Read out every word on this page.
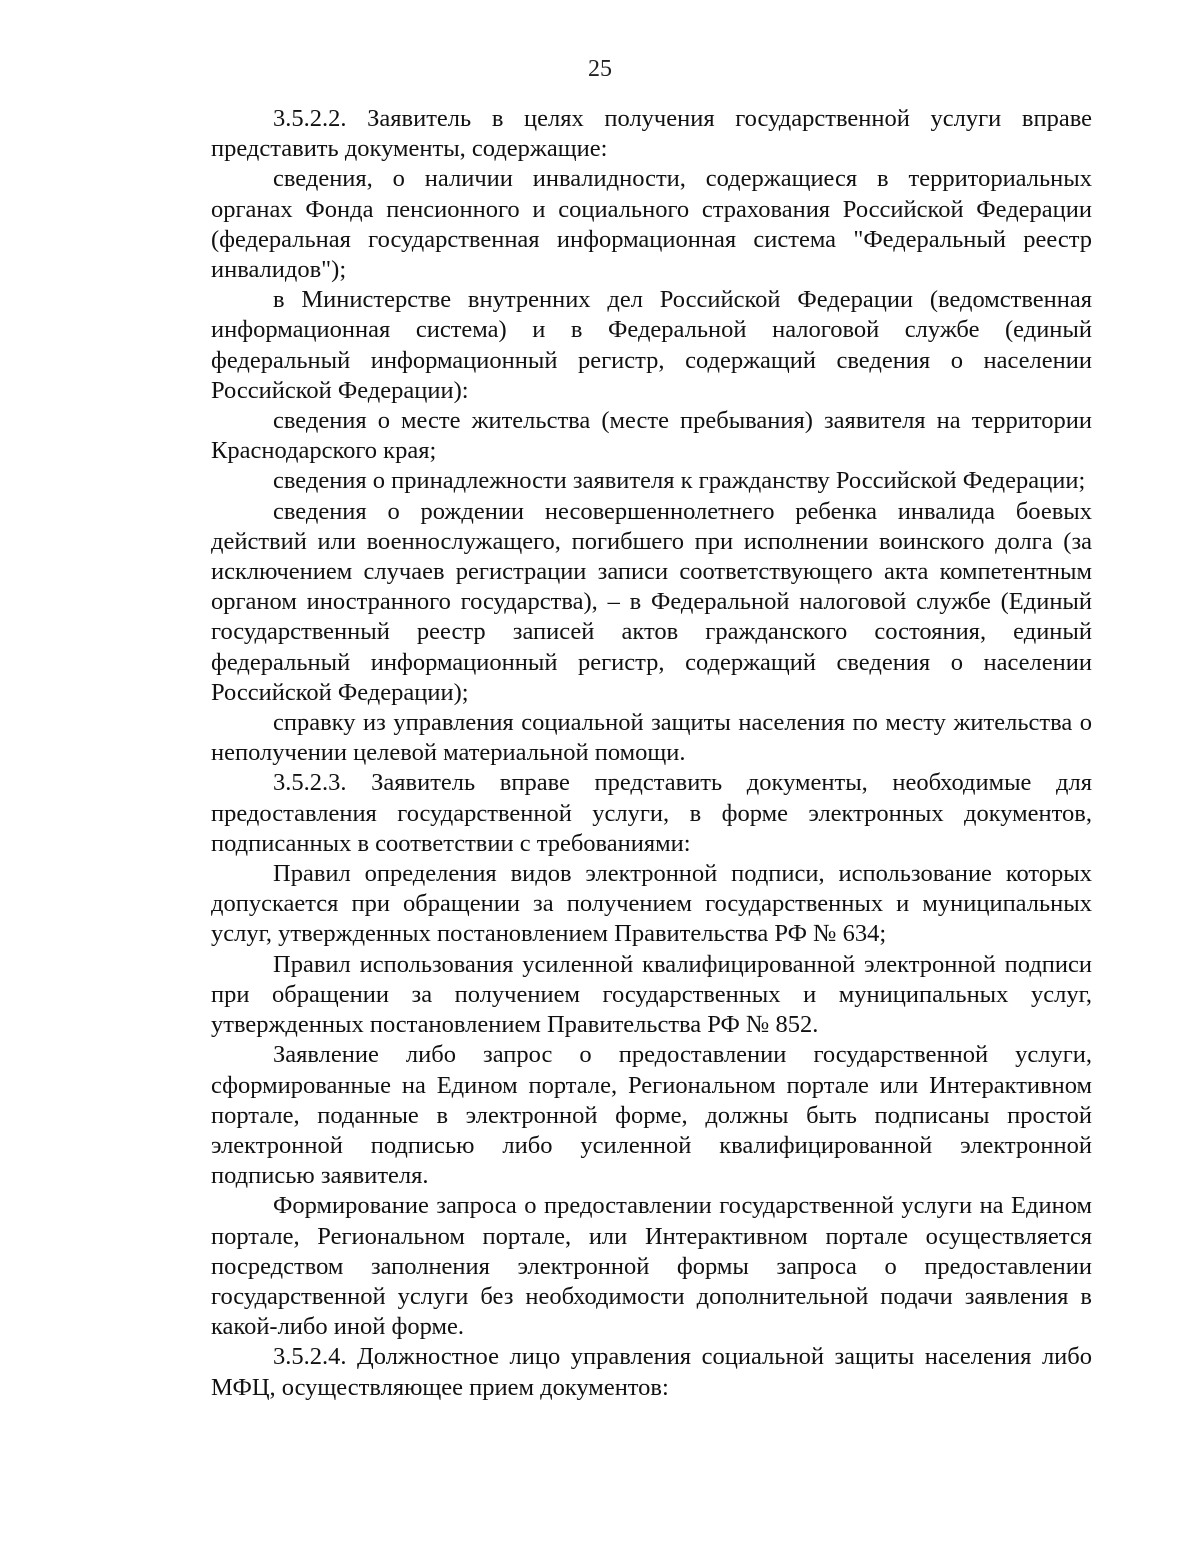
25

3.5.2.2. Заявитель в целях получения государственной услуги вправе представить документы, содержащие:

сведения, о наличии инвалидности, содержащиеся в территориальных органах Фонда пенсионного и социального страхования Российской Федерации (федеральная государственная информационная система "Федеральный реестр инвалидов");

в Министерстве внутренних дел Российской Федерации (ведомственная информационная система) и в Федеральной налоговой службе (единый федеральный информационный регистр, содержащий сведения о населении Российской Федерации):

сведения о месте жительства (месте пребывания) заявителя на территории Краснодарского края;

сведения о принадлежности заявителя к гражданству Российской Федерации;

сведения о рождении несовершеннолетнего ребенка инвалида боевых действий или военнослужащего, погибшего при исполнении воинского долга (за исключением случаев регистрации записи соответствующего акта компетентным органом иностранного государства), – в Федеральной налоговой службе (Единый государственный реестр записей актов гражданского состояния, единый федеральный информационный регистр, содержащий сведения о населении Российской Федерации);

справку из управления социальной защиты населения по месту жительства о неполучении целевой материальной помощи.

3.5.2.3. Заявитель вправе представить документы, необходимые для предоставления государственной услуги, в форме электронных документов, подписанных в соответствии с требованиями:

Правил определения видов электронной подписи, использование которых допускается при обращении за получением государственных и муниципальных услуг, утвержденных постановлением Правительства РФ № 634;

Правил использования усиленной квалифицированной электронной подписи при обращении за получением государственных и муниципальных услуг, утвержденных постановлением Правительства РФ № 852.

Заявление либо запрос о предоставлении государственной услуги, сформированные на Едином портале, Региональном портале или Интерактивном портале, поданные в электронной форме, должны быть подписаны простой электронной подписью либо усиленной квалифицированной электронной подписью заявителя.

Формирование запроса о предоставлении государственной услуги на Едином портале, Региональном портале, или Интерактивном портале осуществляется посредством заполнения электронной формы запроса о предоставлении государственной услуги без необходимости дополнительной подачи заявления в какой-либо иной форме.

3.5.2.4. Должностное лицо управления социальной защиты населения либо МФЦ, осуществляющее прием документов:
